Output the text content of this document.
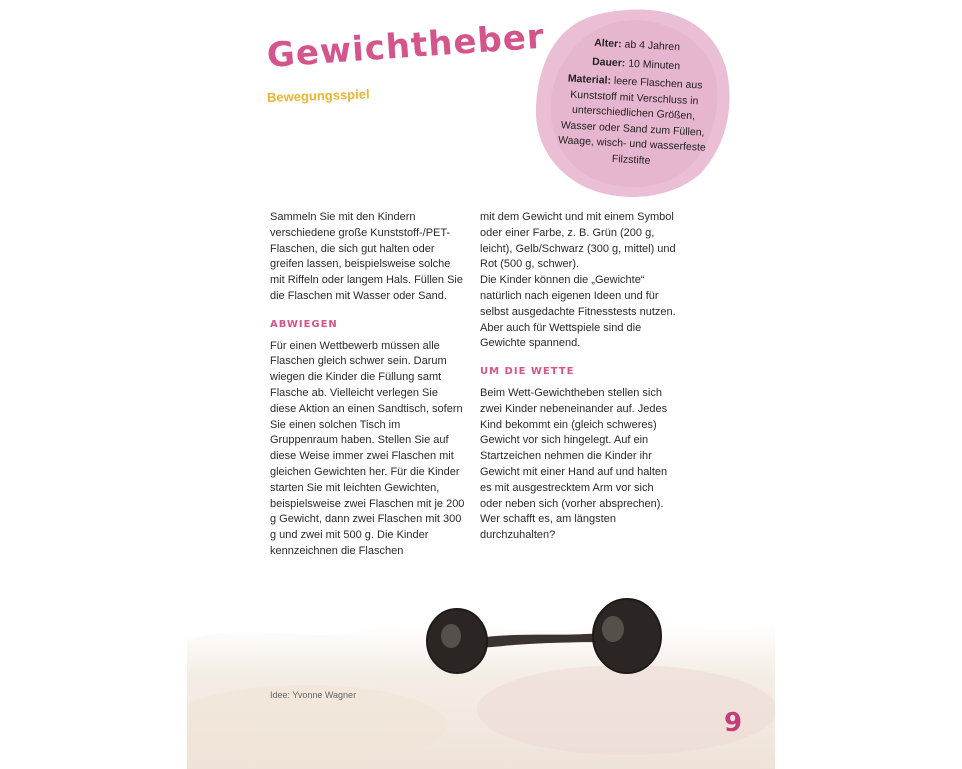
Gewichtheber
Bewegungsspiel

Alter: ab 4 Jahren

Dauer: 10 Minuten

Material: leere Flaschen aus Kunststoff mit Verschluss in unterschiedlichen Größen, Wasser oder Sand zum Füllen, Waage, wisch- und wasserfeste Filzstifte

Sammeln Sie mit den Kindern verschiedene große Kunststoff-/PET-Flaschen, die sich gut halten oder greifen lassen, beispielsweise solche mit Riffeln oder langem Hals. Füllen Sie die Flaschen mit Wasser oder Sand.

ABWIEGEN

Für einen Wettbewerb müssen alle Flaschen gleich schwer sein. Darum wiegen die Kinder die Füllung samt Flasche ab. Vielleicht verlegen Sie diese Aktion an einen Sandtisch, sofern Sie einen solchen Tisch im Gruppenraum haben. Stellen Sie auf diese Weise immer zwei Flaschen mit gleichen Gewichten her. Für die Kinder starten Sie mit leichten Gewichten, beispielsweise zwei Flaschen mit je 200 g Gewicht, dann zwei Flaschen mit 300 g und zwei mit 500 g. Die Kinder kennzeichnen die Flaschen

mit dem Gewicht und mit einem Symbol oder einer Farbe, z. B. Grün (200 g, leicht), Gelb/Schwarz (300 g, mittel) und Rot (500 g, schwer).

Die Kinder können die „Gewichte“ natürlich nach eigenen Ideen und für selbst ausgedachte Fitnesstests nutzen. Aber auch für Wettspiele sind die Gewichte spannend.

UM DIE WETTE

Beim Wett-Gewichtheben stellen sich zwei Kinder nebeneinander auf. Jedes Kind bekommt ein (gleich schweres) Gewicht vor sich hingelegt. Auf ein Startzeichen nehmen die Kinder ihr Gewicht mit einer Hand auf und halten es mit ausgestrecktem Arm vor sich oder neben sich (vorher absprechen). Wer schafft es, am längsten durchzuhalten?

Idee: Yvonne Wagner
9
